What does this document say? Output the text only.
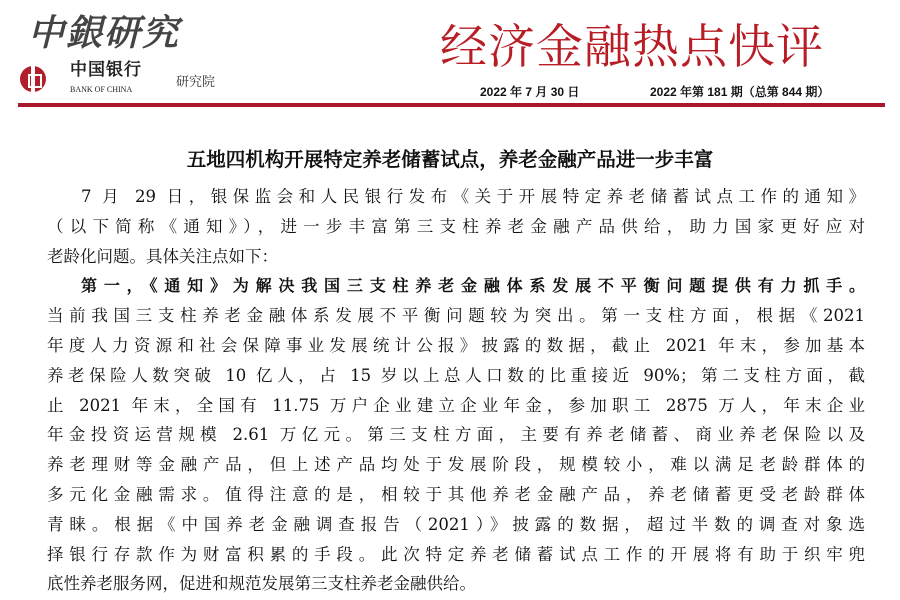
中銀研究
中国银行
BANK OF CHINA	研究院
经济金融热点快评
2022 年 7 月 30 日	2022 年第 181 期（总第 844 期）
五地四机构开展特定养老储蓄试点，养老金融产品进一步丰富
7 月 29 日，银保监会和人民银行发布《关于开展特定养老储蓄试点工作的通知》
（以下简称《通知》），进一步丰富第三支柱养老金融产品供给，助力国家更好应对
老龄化问题。具体关注点如下：
第一，《通知》为解决我国三支柱养老金融体系发展不平衡问题提供有力抓手。
当前我国三支柱养老金融体系发展不平衡问题较为突出。第一支柱方面，根据《2021
年度人力资源和社会保障事业发展统计公报》披露的数据，截止 2021 年末，参加基本
养老保险人数突破 10 亿人，占 15 岁以上总人口数的比重接近 90%；第二支柱方面，截
止 2021 年末，全国有 11.75 万户企业建立企业年金，参加职工 2875 万人，年末企业
年金投资运营规模 2.61 万亿元。第三支柱方面，主要有养老储蓄、商业养老保险以及
养老理财等金融产品，但上述产品均处于发展阶段，规模较小，难以满足老龄群体的
多元化金融需求。值得注意的是，相较于其他养老金融产品，养老储蓄更受老龄群体
青睐。根据《中国养老金融调查报告（2021）》披露的数据，超过半数的调查对象选
择银行存款作为财富积累的手段。此次特定养老储蓄试点工作的开展将有助于织牢兜
底性养老服务网，促进和规范发展第三支柱养老金融供给。
